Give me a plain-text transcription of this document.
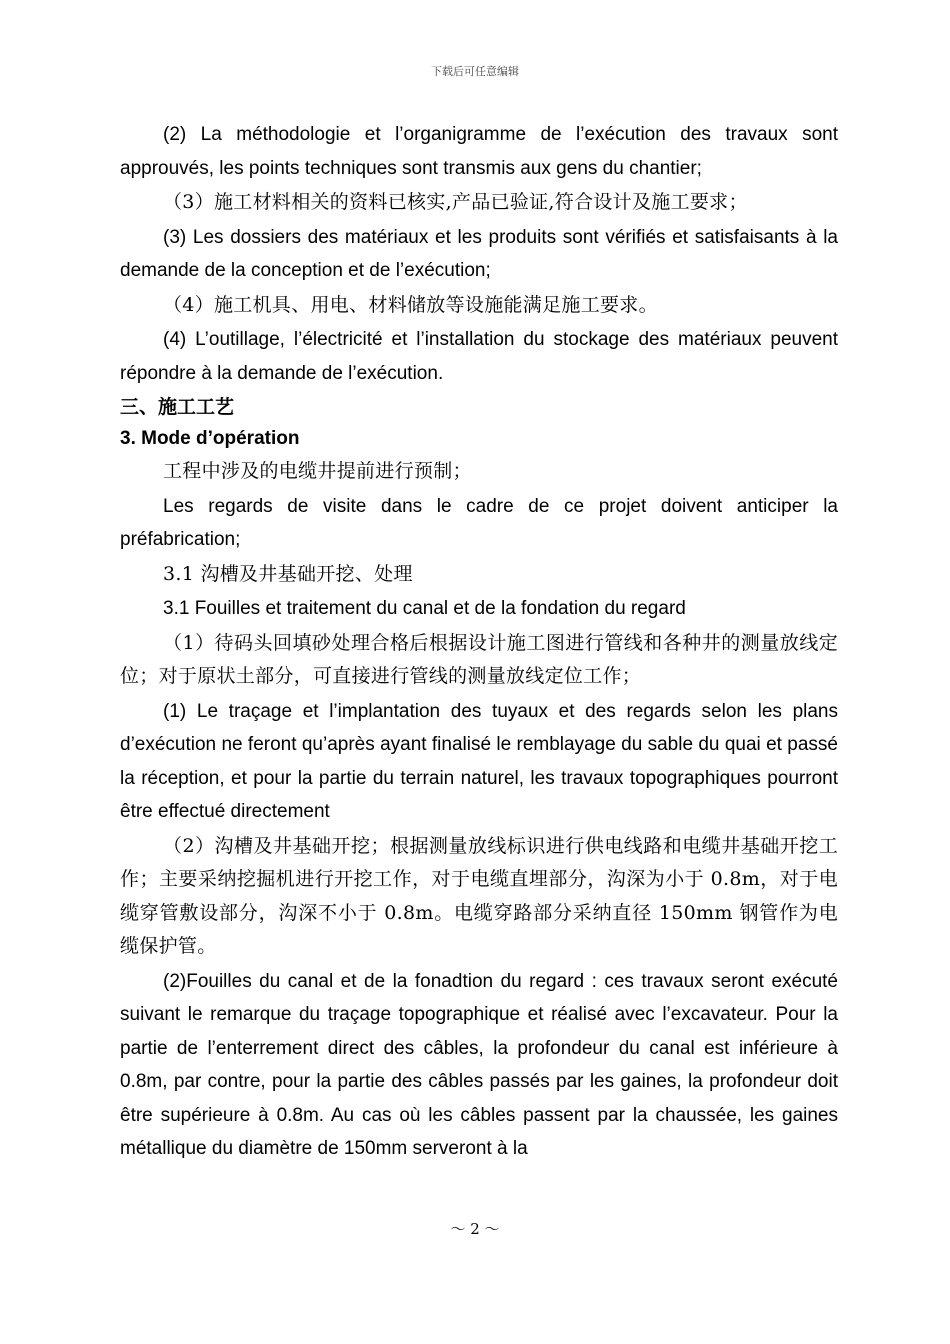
下载后可任意编辑

(2) La méthodologie et l’organigramme de l’exécution des travaux sont approuvés, les points techniques sont transmis aux gens du chantier;

（3）施工材料相关的资料已核实,产品已验证,符合设计及施工要求；

(3) Les dossiers des matériaux et les produits sont vérifiés et satisfaisants à la demande de la conception et de l’exécution;

（4）施工机具、用电、材料储放等设施能满足施工要求。

(4) L’outillage, l’électricité et l’installation du stockage des matériaux peuvent répondre à la demande de l’exécution.

三、施工工艺

3. Mode d’opération

工程中涉及的电缆井提前进行预制；

Les regards de visite dans le cadre de ce projet doivent anticiper la préfabrication;

3.1 沟槽及井基础开挖、处理

3.1 Fouilles et traitement du canal et de la fondation du regard

（1）待码头回填砂处理合格后根据设计施工图进行管线和各种井的测量放线定位；对于原状土部分，可直接进行管线的测量放线定位工作；

(1) Le traçage et l’implantation des tuyaux et des regards selon les plans d’exécution ne feront qu’après ayant finalisé le remblayage du sable du quai et passé la réception, et pour la partie du terrain naturel, les travaux topographiques pourront être effectué directement

（2）沟槽及井基础开挖；根据测量放线标识进行供电线路和电缆井基础开挖工作；主要采纳挖掘机进行开挖工作，对于电缆直埋部分，沟深为小于 0.8m，对于电缆穿管敷设部分，沟深不小于 0.8m。电缆穿路部分采纳直径 150mm 钢管作为电缆保护管。

(2)Fouilles du canal et de la fonadtion du regard : ces travaux seront exécuté suivant le remarque du traçage topographique et réalisé avec l’excavateur. Pour la partie de l’enterrement direct des câbles, la profondeur du canal est inférieure à 0.8m, par contre, pour la partie des câbles passés par les gaines, la profondeur doit être supérieure à 0.8m. Au cas où les câbles passent par la chaussée, les gaines métallique du diamètre de 150mm serveront à la

～ 2 ～
